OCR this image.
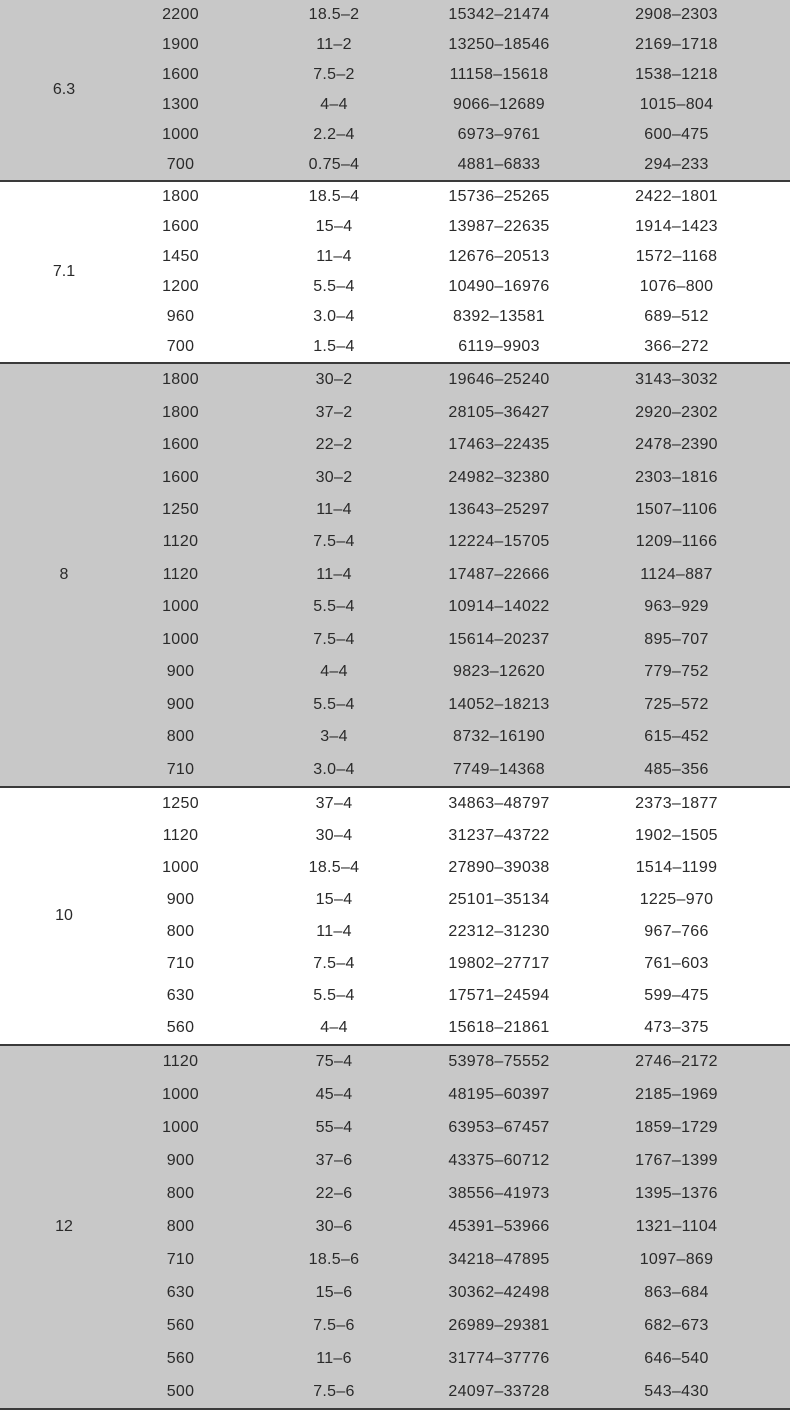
6.3
2200	18.5–2	15342–21474	2908–2303
1900	11–2	13250–18546	2169–1718
1600	7.5–2	11158–15618	1538–1218
1300	4–4	9066–12689	1015–804
1000	2.2–4	6973–9761	600–475
700	0.75–4	4881–6833	294–233
7.1
1800	18.5–4	15736–25265	2422–1801
1600	15–4	13987–22635	1914–1423
1450	11–4	12676–20513	1572–1168
1200	5.5–4	10490–16976	1076–800
960	3.0–4	8392–13581	689–512
700	1.5–4	6119–9903	366–272
8
1800	30–2	19646–25240	3143–3032
1800	37–2	28105–36427	2920–2302
1600	22–2	17463–22435	2478–2390
1600	30–2	24982–32380	2303–1816
1250	11–4	13643–25297	1507–1106
1120	7.5–4	12224–15705	1209–1166
1120	11–4	17487–22666	1124–887
1000	5.5–4	10914–14022	963–929
1000	7.5–4	15614–20237	895–707
900	4–4	9823–12620	779–752
900	5.5–4	14052–18213	725–572
800	3–4	8732–16190	615–452
710	3.0–4	7749–14368	485–356
10
1250	37–4	34863–48797	2373–1877
1120	30–4	31237–43722	1902–1505
1000	18.5–4	27890–39038	1514–1199
900	15–4	25101–35134	1225–970
800	11–4	22312–31230	967–766
710	7.5–4	19802–27717	761–603
630	5.5–4	17571–24594	599–475
560	4–4	15618–21861	473–375
12
1120	75–4	53978–75552	2746–2172
1000	45–4	48195–60397	2185–1969
1000	55–4	63953–67457	1859–1729
900	37–6	43375–60712	1767–1399
800	22–6	38556–41973	1395–1376
800	30–6	45391–53966	1321–1104
710	18.5–6	34218–47895	1097–869
630	15–6	30362–42498	863–684
560	7.5–6	26989–29381	682–673
560	11–6	31774–37776	646–540
500	7.5–6	24097–33728	543–430
